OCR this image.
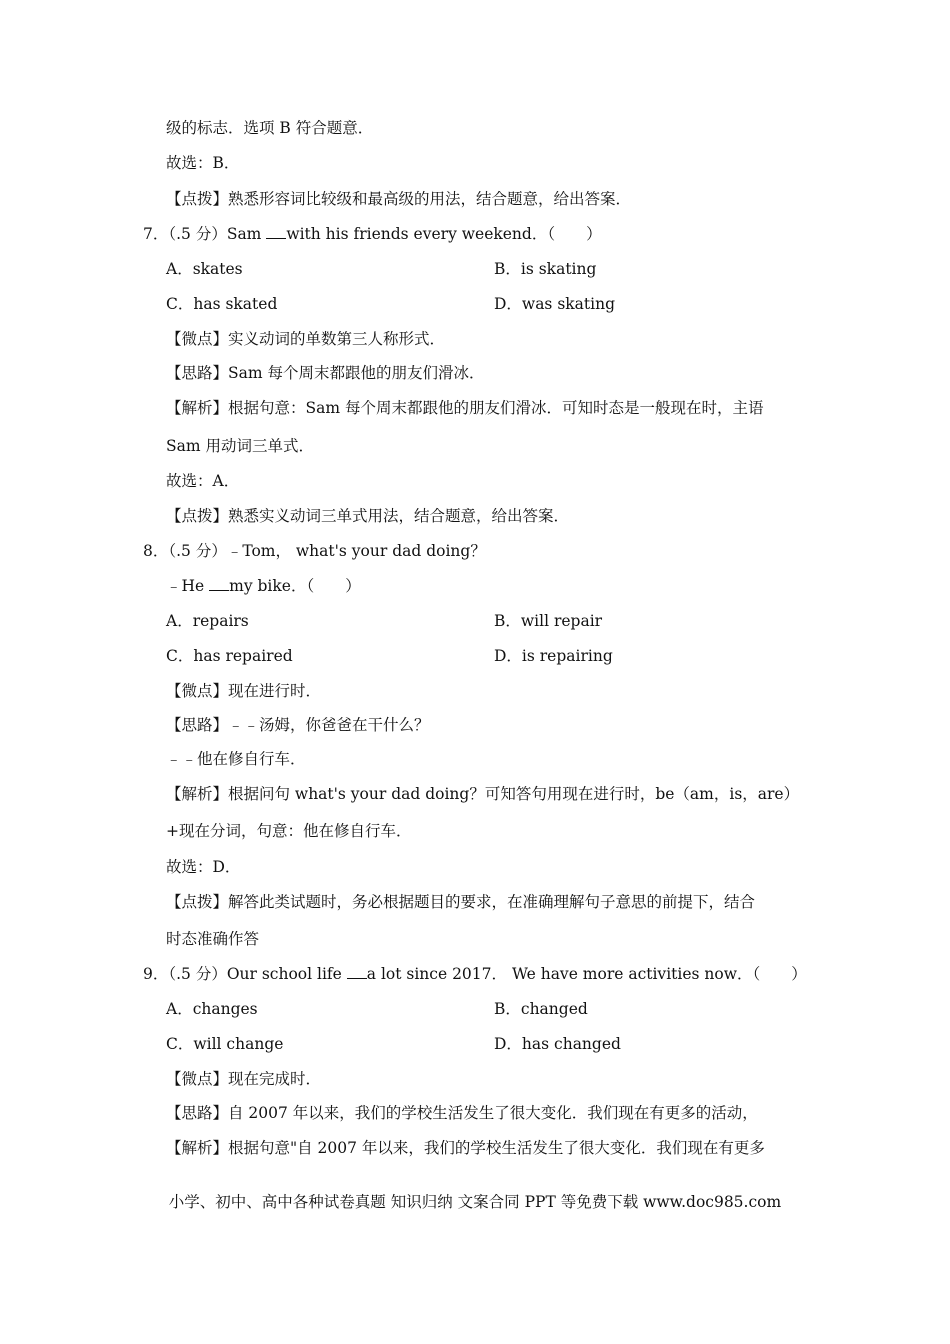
级的标志．选项 B 符合题意．
故选：B．
【点拨】熟悉形容词比较级和最高级的用法，结合题意，给出答案．
7．（.5 分）Sam with his friends every weekend．（　　）
A．skates	B．is skating
C．has skated	D．was skating
【微点】实义动词的单数第三人称形式．
【思路】Sam 每个周末都跟他的朋友们滑冰．
【解析】根据句意：Sam 每个周末都跟他的朋友们滑冰．可知时态是一般现在时，主语
Sam 用动词三单式．
故选：A．
【点拨】熟悉实义动词三单式用法，结合题意，给出答案．
8．（.5 分）﹣Tom， what's your dad doing？
﹣He my bike．（　　）
A．repairs	B．will repair
C．has repaired	D．is repairing
【微点】现在进行时．
【思路】﹣﹣汤姆，你爸爸在干什么？
﹣﹣他在修自行车．
【解析】根据问句 what's your dad doing？可知答句用现在进行时，be（am，is，are）
+现在分词，句意：他在修自行车．
故选：D．
【点拨】解答此类试题时，务必根据题目的要求，在准确理解句子意思的前提下，结合
时态准确作答
9．（.5 分）Our school life a lot since 2017． We have more activities now．（　　）
A．changes	B．changed
C．will change	D．has changed
【微点】现在完成时．
【思路】自 2007 年以来，我们的学校生活发生了很大变化．我们现在有更多的活动，
【解析】根据句意"自 2007 年以来，我们的学校生活发生了很大变化．我们现在有更多
小学、初中、高中各种试卷真题 知识归纳 文案合同 PPT 等免费下载 www.doc985.com
